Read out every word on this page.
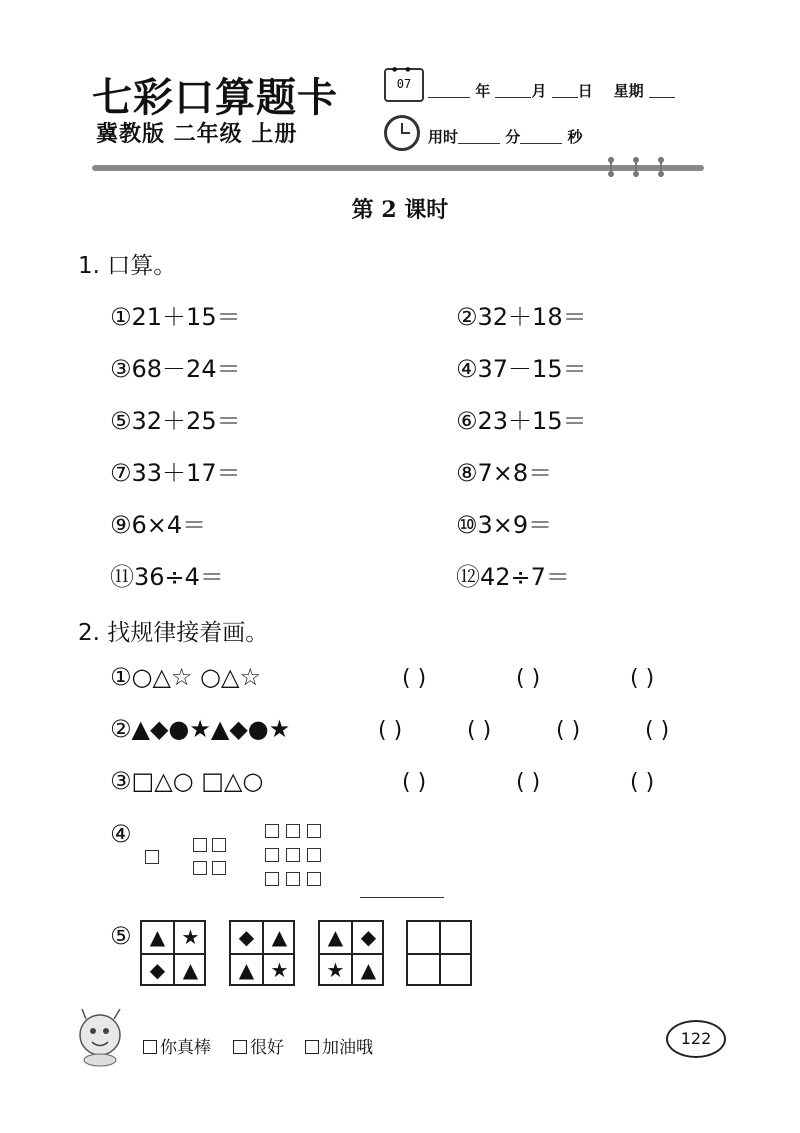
七彩口算题卡
冀教版 二年级 上册
●●
07	年	月 日 星期
用时	分	秒
第 2 课时
1. 口算。
①21＋15＝	②32＋18＝
③68－24＝	④37－15＝
⑤32＋25＝	⑥23＋15＝
⑦33＋17＝	⑧7×8＝
⑨6×4＝	⑩3×9＝
⑪36÷4＝	⑫42÷7＝
2. 找规律接着画。
①○△☆ ○△☆	( )	( )	( )
②▲◆●★▲◆●★	( )	( )	( )	( )
③□△○ □△○	( )	( )	( )
④
⑤ ▲ ★
◆ ▲
◆ ▲
▲ ★
▲ ◆
★ ▲
你真棒	很好	加油哦	122
